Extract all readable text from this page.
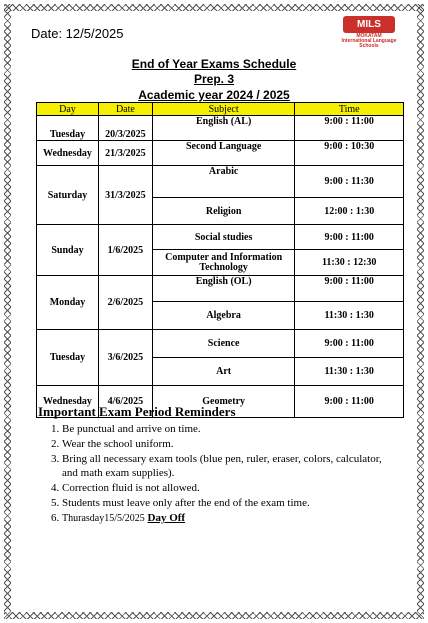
Date: 12/5/2025
MILS
MOKATAM
International Language Schools
End of Year Exams Schedule
Prep. 3
Academic year 2024 / 2025
Day	Date	Subject	Time
Tuesday	20/3/2025	English (AL)	9:00 : 11:00
Wednesday	21/3/2025	Second Language	9:00 : 10:30
Saturday	31/3/2025	Arabic	9:00 : 11:30
		Religion	12:00 : 1:30
Sunday	1/6/2025	Social studies	9:00 : 11:00
		Computer and Information Technology	11:30 : 12:30
Monday	2/6/2025	English (OL)	9:00 : 11:00
		Algebra	11:30 : 1:30
Tuesday	3/6/2025	Science	9:00 : 11:00
		Art	11:30 : 1:30
Wednesday	4/6/2025	Geometry	9:00 : 11:00
Important Exam Period Reminders
1. Be punctual and arrive on time.
2. Wear the school uniform.
3. Bring all necessary exam tools (blue pen, ruler, eraser, colors, calculator, and math exam supplies).
4. Correction fluid is not allowed.
5. Students must leave only after the end of the exam time.
6. Thurasday15/5/2025 Day Off
